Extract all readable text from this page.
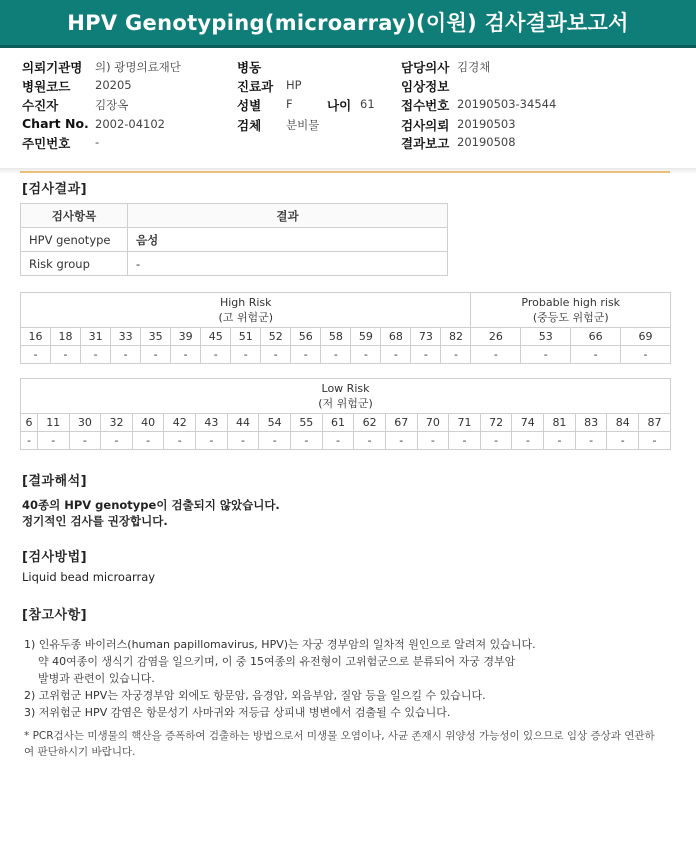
HPV Genotyping(microarray)(이원) 검사결과보고서
의뢰기관명 의) 광명의료재단
병원코드 20205
수진자	김장옥
Chart No. 2002-04102
주민번호 -
병동
진료과 HP
성별 F	나이 61
검체 분비물
담당의사 김경채
임상정보
접수번호 20190503-34544
검사의뢰 20190503
결과보고 20190508
[검사결과]
검사항목	결과
HPV genotype	음성
Risk group	-
High Risk
(고 위험군)															Probable high risk
(중등도 위험군)			
16	18	31	33	35	39	45	51	52	56	58	59	68	73	82	26	53	66	69
-	-	-	-	-	-	-	-	-	-	-	-	-	-	-	-	-	-	-
Low Risk
(저 위험군)																				
6	11	30	32	40	42	43	44	54	55	61	62	67	70	71	72	74	81	83	84	87
-	-	-	-	-	-	-	-	-	-	-	-	-	-	-	-	-	-	-	-	-
[결과해석]
40종의 HPV genotype이 검출되지 않았습니다.
정기적인 검사를 권장합니다.
[검사방법]
Liquid bead microarray
[참고사항]
1) 인유두종 바이러스(human papillomavirus, HPV)는 자궁 경부암의 일차적 원인으로 알려져 있습니다.
약 40여종이 생식기 감염을 일으키며, 이 중 15여종의 유전형이 고위험군으로 분류되어 자궁 경부암
발병과 관련이 있습니다.
2) 고위험군 HPV는 자궁경부암 외에도 항문암, 음경암, 외음부암, 질암 등을 일으킬 수 있습니다.
3) 저위험군 HPV 감염은 항문성기 사마귀와 저등급 상피내 병변에서 검출될 수 있습니다.
* PCR검사는 미생물의 핵산을 증폭하여 검출하는 방법으로서 미생물 오염이나, 사균 존재시 위양성 가능성이 있으므로 임상 증상과 연관하여 판단하시기 바랍니다.
